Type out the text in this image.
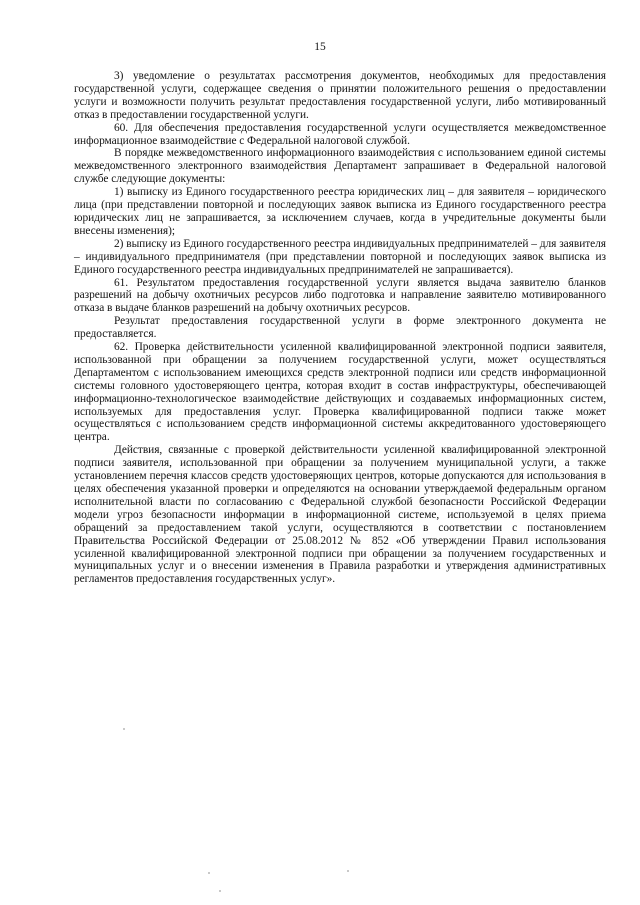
15

3) уведомление о результатах рассмотрения документов, необходимых для предоставления государственной услуги, содержащее сведения о принятии положительного решения о предоставлении услуги и возможности получить результат предоставления государственной услуги, либо мотивированный отказ в предоставлении государственной услуги.

60. Для обеспечения предоставления государственной услуги осуществляется межведомственное информационное взаимодействие с Федеральной налоговой службой.

В порядке межведомственного информационного взаимодействия с использованием единой системы межведомственного электронного взаимодействия Департамент запрашивает в Федеральной налоговой службе следующие документы:

1) выписку из Единого государственного реестра юридических лиц – для заявителя – юридического лица (при представлении повторной и последующих заявок выписка из Единого государственного реестра юридических лиц не запрашивается, за исключением случаев, когда в учредительные документы были внесены изменения);

2) выписку из Единого государственного реестра индивидуальных предпринимателей – для заявителя – индивидуального предпринимателя (при представлении повторной и последующих заявок выписка из Единого государственного реестра индивидуальных предпринимателей не запрашивается).

61. Результатом предоставления государственной услуги является выдача заявителю бланков разрешений на добычу охотничьих ресурсов либо подготовка и направление заявителю мотивированного отказа в выдаче бланков разрешений на добычу охотничьих ресурсов.

Результат предоставления государственной услуги в форме электронного документа не предоставляется.

62. Проверка действительности усиленной квалифицированной электронной подписи заявителя, использованной при обращении за получением государственной услуги, может осуществляться Департаментом с использованием имеющихся средств электронной подписи или средств информационной системы головного удостоверяющего центра, которая входит в состав инфраструктуры, обеспечивающей информационно-технологическое взаимодействие действующих и создаваемых информационных систем, используемых для предоставления услуг. Проверка квалифицированной подписи также может осуществляться с использованием средств информационной системы аккредитованного удостоверяющего центра.

Действия, связанные с проверкой действительности усиленной квалифицированной электронной подписи заявителя, использованной при обращении за получением муниципальной услуги, а также установлением перечня классов средств удостоверяющих центров, которые допускаются для использования в целях обеспечения указанной проверки и определяются на основании утверждаемой федеральным органом исполнительной власти по согласованию с Федеральной службой безопасности Российской Федерации модели угроз безопасности информации в информационной системе, используемой в целях приема обращений за предоставлением такой услуги, осуществляются в соответствии с постановлением Правительства Российской Федерации от 25.08.2012 № 852 «Об утверждении Правил использования усиленной квалифицированной электронной подписи при обращении за получением государственных и муниципальных услуг и о внесении изменения в Правила разработки и утверждения административных регламентов предоставления государственных услуг».
